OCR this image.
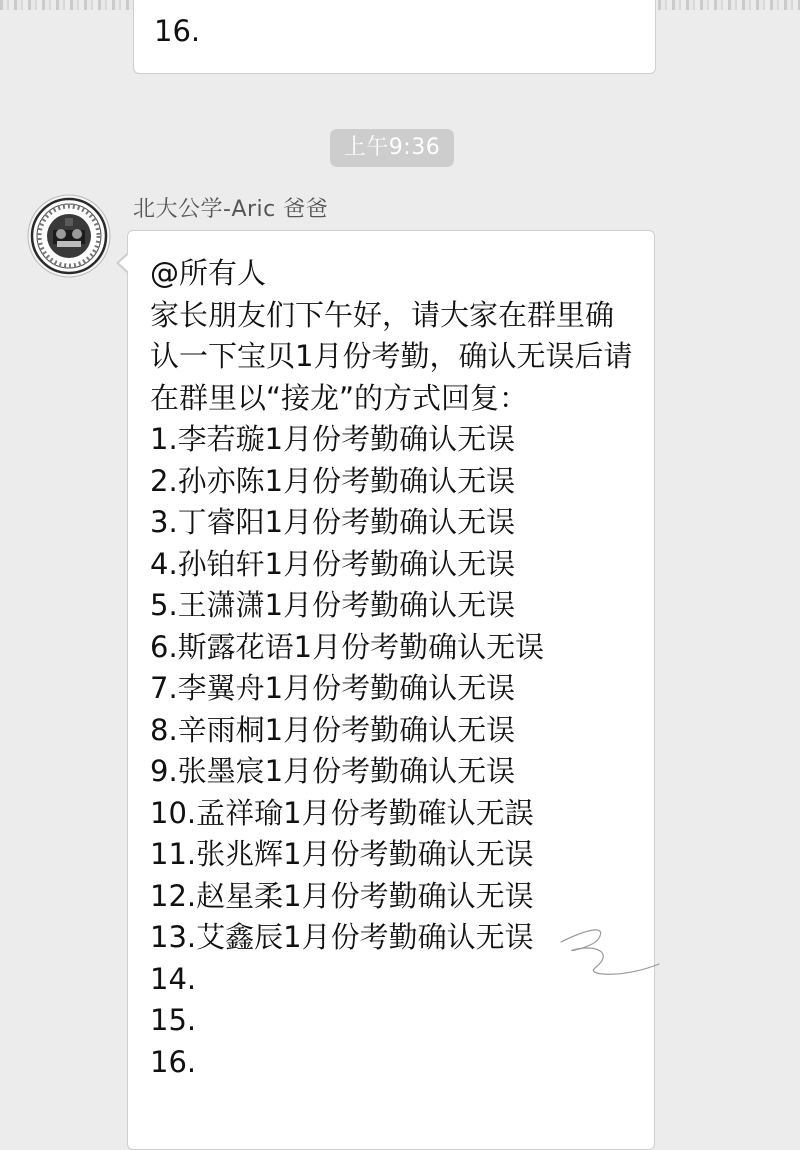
16.
上午9:36
北大公学-Aric 爸爸
@所有人
家长朋友们下午好，请大家在群里确认一下宝贝1月份考勤，确认无误后请在群里以“接龙”的方式回复：
1.李若璇1月份考勤确认无误
2.孙亦陈1月份考勤确认无误
3.丁睿阳1月份考勤确认无误
4.孙铂轩1月份考勤确认无误
5.王潇潇1月份考勤确认无误
6.斯露花语1月份考勤确认无误
7.李翼舟1月份考勤确认无误
8.辛雨桐1月份考勤确认无误
9.张墨宸1月份考勤确认无误
10.孟祥瑜1月份考勤確认无誤
11.张兆辉1月份考勤确认无误
12.赵星柔1月份考勤确认无误
13.艾鑫辰1月份考勤确认无误
14.
15.
16.
